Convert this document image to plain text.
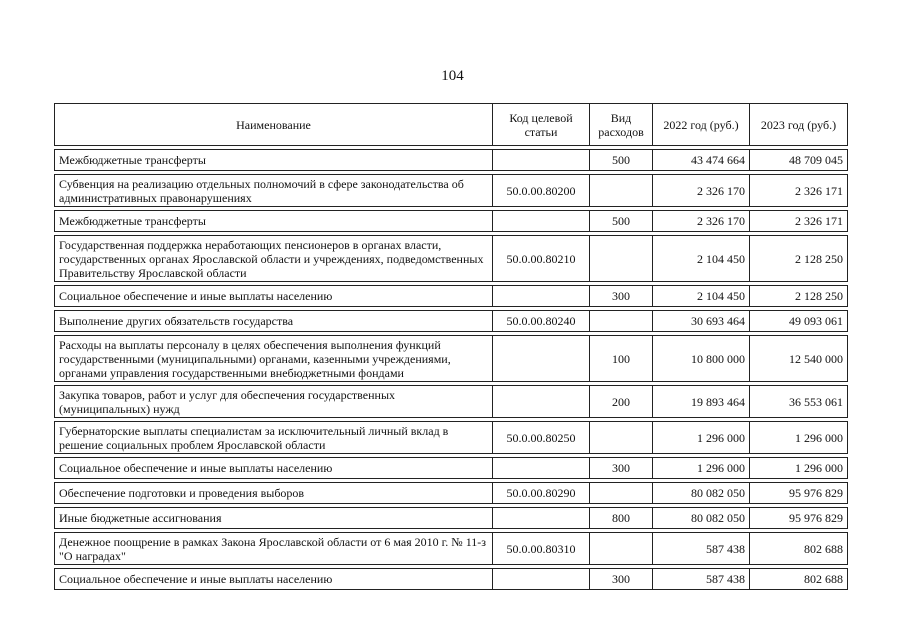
104
Наименование	Код целевой статьи	Вид расходов	2022 год (руб.)	2023 год (руб.)

Межбюджетные трансферты		500	43 474 664	48 709 045

Субвенция на реализацию отдельных полномочий в сфере законодательства об административных правонарушениях	50.0.00.80200		2 326 170	2 326 171

Межбюджетные трансферты		500	2 326 170	2 326 171

Государственная поддержка неработающих пенсионеров в органах власти, государственных органах Ярославской области и учреждениях, подведомственных Правительству Ярославской области	50.0.00.80210		2 104 450	2 128 250

Социальное обеспечение и иные выплаты населению		300	2 104 450	2 128 250

Выполнение других обязательств государства	50.0.00.80240		30 693 464	49 093 061

Расходы на выплаты персоналу в целях обеспечения выполнения функций государственными (муниципальными) органами, казенными учреждениями, органами управления государственными внебюджетными фондами		100	10 800 000	12 540 000

Закупка товаров, работ и услуг для обеспечения государственных (муниципальных) нужд		200	19 893 464	36 553 061

Губернаторские выплаты специалистам за исключительный личный вклад в решение социальных проблем Ярославской области	50.0.00.80250		1 296 000	1 296 000

Социальное обеспечение и иные выплаты населению		300	1 296 000	1 296 000

Обеспечение подготовки и проведения выборов	50.0.00.80290		80 082 050	95 976 829

Иные бюджетные ассигнования		800	80 082 050	95 976 829

Денежное поощрение в рамках Закона Ярославской области от 6 мая 2010 г. № 11-з "О наградах"	50.0.00.80310		587 438	802 688

Социальное обеспечение и иные выплаты населению		300	587 438	802 688
